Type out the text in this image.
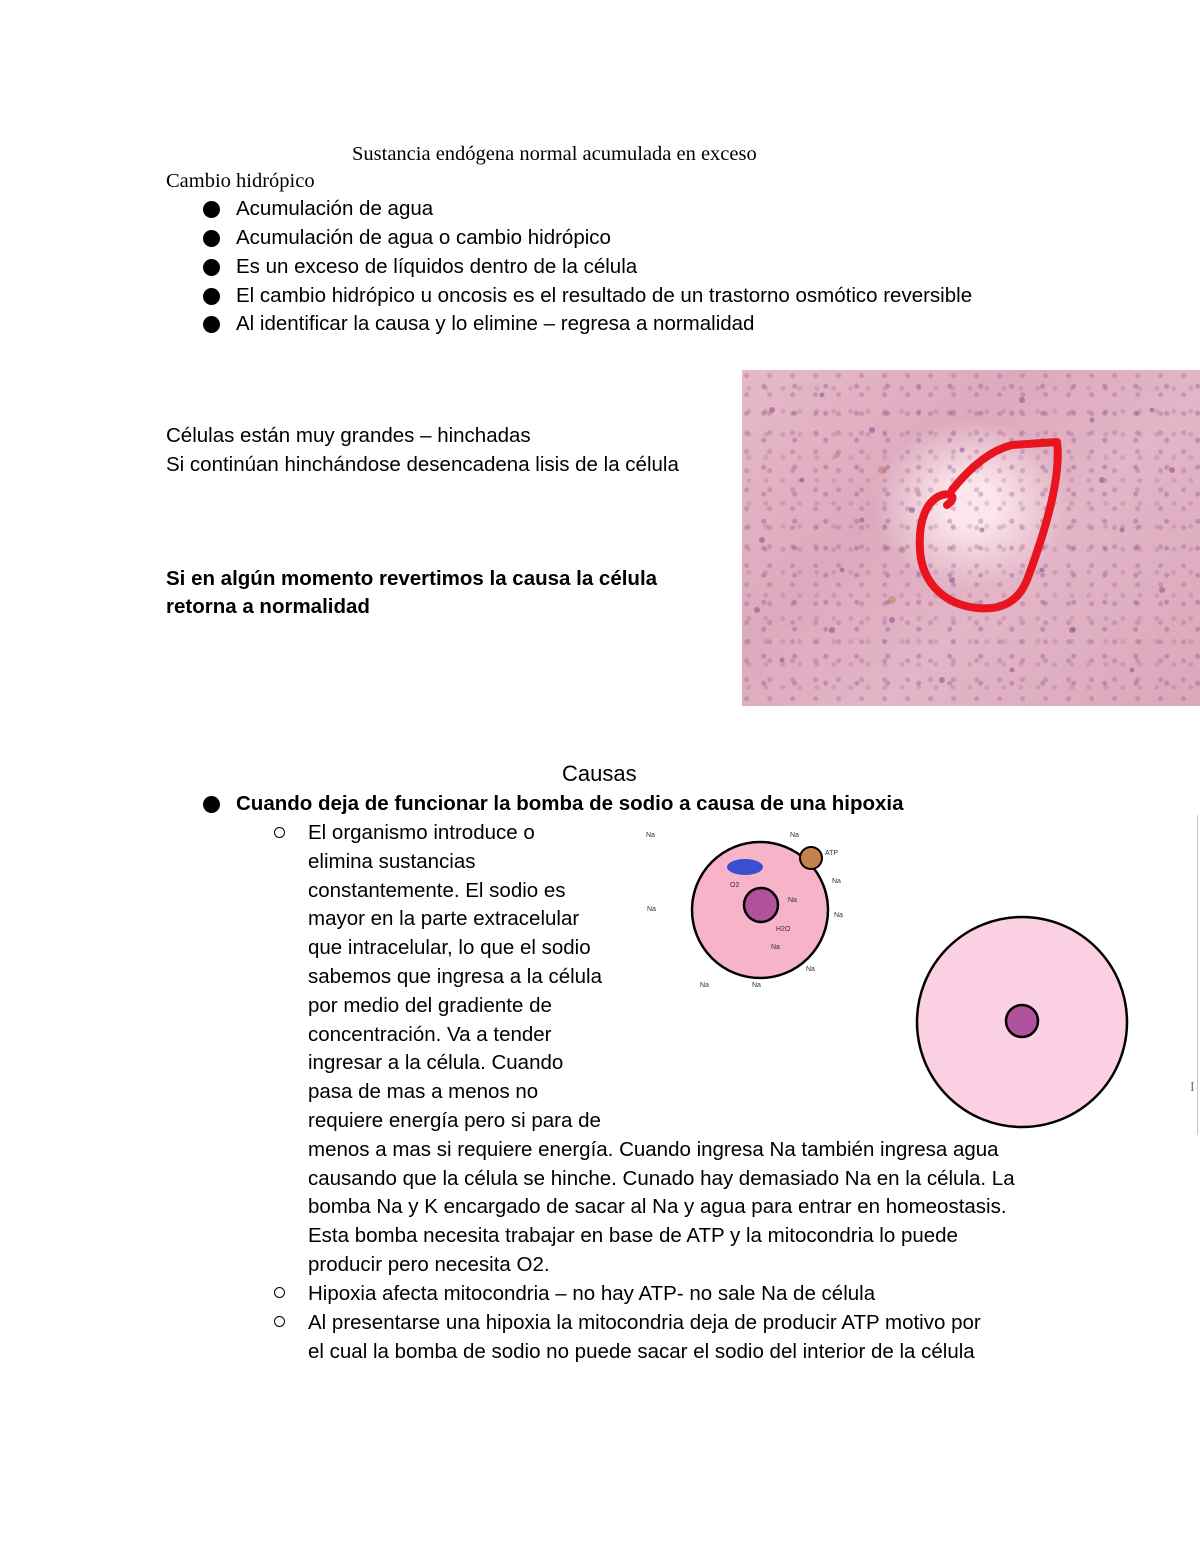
Sustancia endógena normal acumulada en exceso
Cambio hidrópico
Acumulación de agua
Acumulación de agua o cambio hidrópico
Es un exceso de líquidos dentro de la célula
El cambio hidrópico u oncosis es el resultado de un trastorno osmótico reversible
Al identificar la causa y lo elimine – regresa a normalidad
Células están muy grandes – hinchadas
Si continúan hinchándose desencadena lisis de la célula
Si en algún momento revertimos la causa la célula
retorna a normalidad
Causas
Cuando deja de funcionar la bomba de sodio a causa de una hipoxia
El organismo introduce o
elimina sustancias
constantemente. El sodio es
mayor en la parte extracelular
que intracelular, lo que el sodio
sabemos que ingresa a la célula
por medio del gradiente de
concentración. Va a tender
ingresar a la célula. Cuando
pasa de mas a menos no
requiere energía pero si para de
menos a mas si requiere energía. Cuando ingresa Na también ingresa agua
causando que la célula se hinche. Cunado hay demasiado Na en la célula. La
bomba Na y K encargado de sacar al Na y agua para entrar en homeostasis.
Esta bomba necesita trabajar en base de ATP y la mitocondria lo puede
producir pero necesita O2.
Hipoxia afecta mitocondria – no hay ATP- no sale Na de célula
Al presentarse una hipoxia la mitocondria deja de producir ATP motivo por
el cual la bomba de sodio no puede sacar el sodio del interior de la célula
Na	Na
ATP
Na
Na
Na
Na
Na	Na
O2
Na
H2O
Na
I
